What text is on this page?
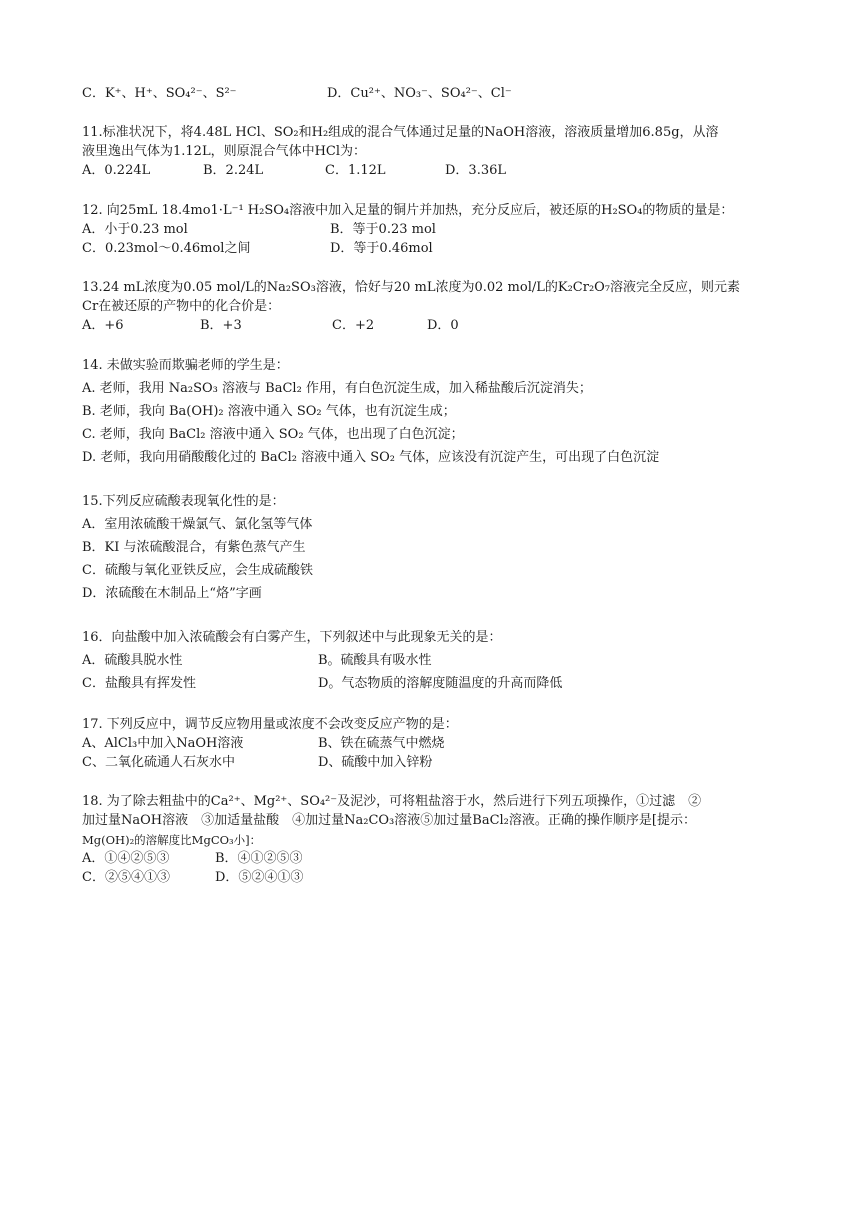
C．K⁺、H⁺、SO₄²⁻、S²⁻	D．Cu²⁺、NO₃⁻、SO₄²⁻、Cl⁻
11.标准状况下，将4.48L HCl、SO₂和H₂组成的混合气体通过足量的NaOH溶液，溶液质量增加6.85g，从溶
液里逸出气体为1.12L，则原混合气体中HCl为：
A．0.224L	B．2.24L	C．1.12L	D．3.36L
12. 向25mL 18.4mo1·L⁻¹ H₂SO₄溶液中加入足量的铜片并加热，充分反应后，被还原的H₂SO₄的物质的量是：
A．小于0.23 mol	B．等于0.23 mol
C．0.23mol～0.46mol之间	D．等于0.46mol
13.24 mL浓度为0.05 mol/L的Na₂SO₃溶液，恰好与20 mL浓度为0.02 mol/L的K₂Cr₂O₇溶液完全反应，则元素
Cr在被还原的产物中的化合价是：
A．+6	B．+3	C．+2	D．0
14. 未做实验而欺骗老师的学生是：
A. 老师，我用 Na₂SO₃ 溶液与 BaCl₂ 作用，有白色沉淀生成，加入稀盐酸后沉淀消失；
B. 老师，我向 Ba(OH)₂ 溶液中通入 SO₂ 气体，也有沉淀生成；
C. 老师，我向 BaCl₂ 溶液中通入 SO₂ 气体，也出现了白色沉淀；
D. 老师，我向用硝酸酸化过的 BaCl₂ 溶液中通入 SO₂ 气体，应该没有沉淀产生，可出现了白色沉淀
15.下列反应硫酸表现氧化性的是：
A．室用浓硫酸干燥氯气、氯化氢等气体
B．KI 与浓硫酸混合，有紫色蒸气产生
C．硫酸与氧化亚铁反应，会生成硫酸铁
D．浓硫酸在木制品上“烙”字画
16．向盐酸中加入浓硫酸会有白雾产生，下列叙述中与此现象无关的是：
A．硫酸具脱水性	B。硫酸具有吸水性
C．盐酸具有挥发性	D。气态物质的溶解度随温度的升高而降低
17. 下列反应中，调节反应物用量或浓度不会改变反应产物的是：
A、AlCl₃中加入NaOH溶液	B、铁在硫蒸气中燃烧
C、二氧化硫通人石灰水中	D、硫酸中加入锌粉
18. 为了除去粗盐中的Ca²⁺、Mg²⁺、SO₄²⁻及泥沙，可将粗盐溶于水，然后进行下列五项操作，①过滤　②
加过量NaOH溶液　③加适量盐酸　④加过量Na₂CO₃溶液⑤加过量BaCl₂溶液。正确的操作顺序是[提示：
Mg(OH)₂的溶解度比MgCO₃小]：
A．①④②⑤③	B．④①②⑤③
C．②⑤④①③	D．⑤②④①③
